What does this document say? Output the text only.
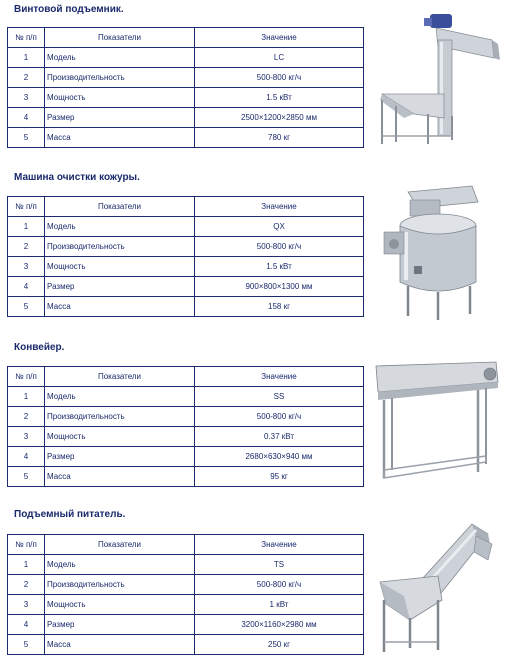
Винтовой подъемник.
№ п/п	Показатели	Значение
1	Модель	LC
2	Производительность	500-800 кг/ч
3	Мощность	1.5 кВт
4	Размер	2500×1200×2850 мм
5	Масса	780 кг
Машина очистки кожуры.
№ п/п	Показатели	Значение
1	Модель	QX
2	Производительность	500-800 кг/ч
3	Мощность	1.5 кВт
4	Размер	900×800×1300 мм
5	Масса	158 кг
Конвейер.
№ п/п	Показатели	Значение
1	Модель	SS
2	Производительность	500-800 кг/ч
3	Мощность	0.37 кВт
4	Размер	2680×630×940 мм
5	Масса	95 кг
Подъемный питатель.
№ п/п	Показатели	Значение
1	Модель	TS
2	Производительность	500-800 кг/ч
3	Мощность	1 кВт
4	Размер	3200×1160×2980 мм
5	Масса	250 кг
